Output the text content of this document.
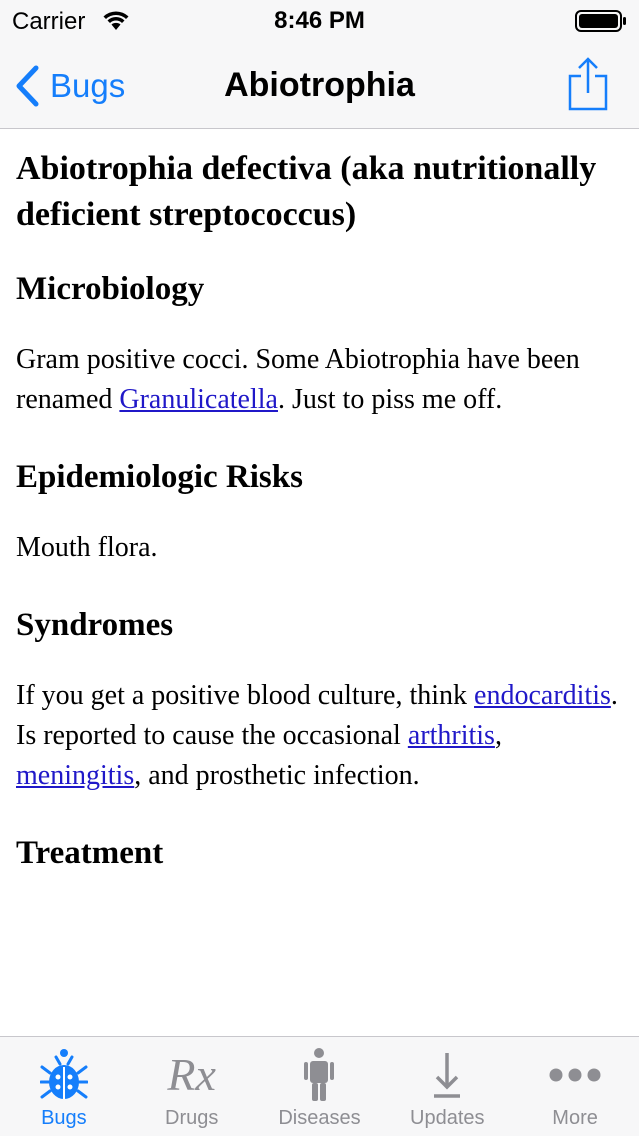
Carrier	8:46 PM
Bugs	Abiotrophia
Abiotrophia defectiva (aka nutritionally deficient streptococcus)
Microbiology

Gram positive cocci. Some Abiotrophia have been renamed Granulicatella. Just to piss me off.

Epidemiologic Risks

Mouth flora.

Syndromes

If you get a positive blood culture, think endocarditis. Is reported to cause the occasional arthritis, meningitis, and prosthetic infection.

Treatment
Bugs
Rx
Drugs	Diseases Updates	More
